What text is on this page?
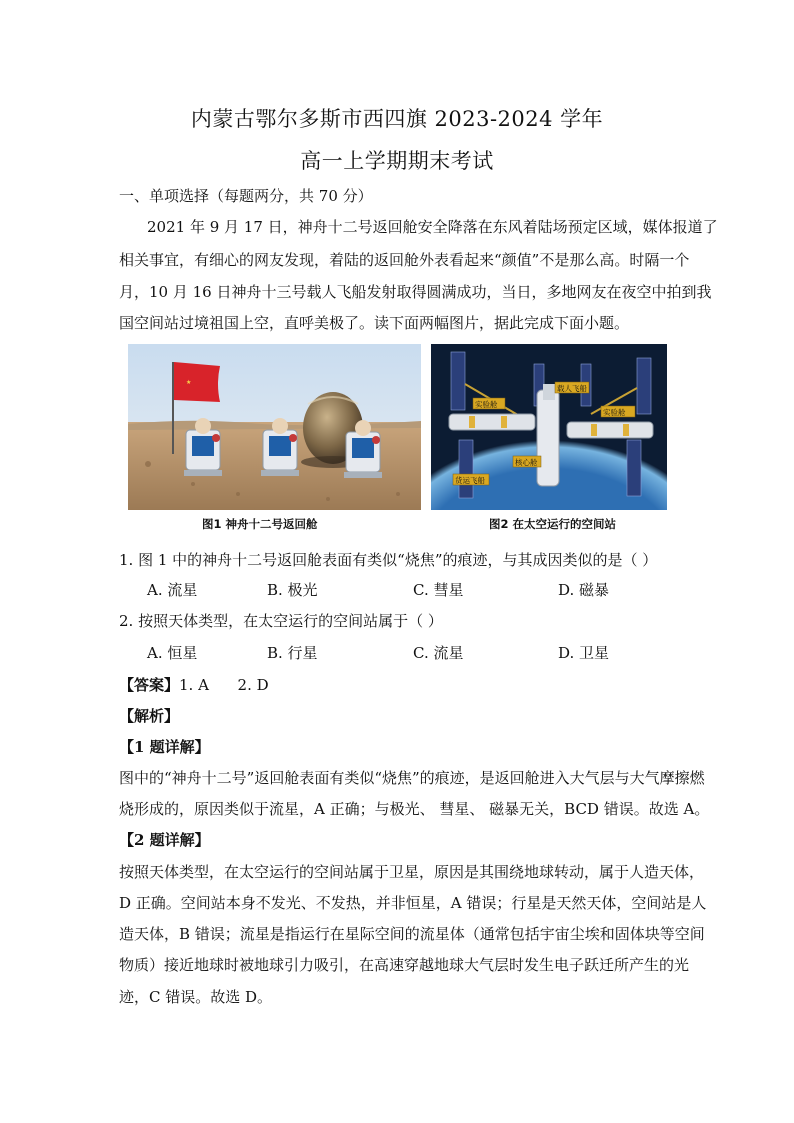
内蒙古鄂尔多斯市西四旗 2023-2024 学年
高一上学期期末考试
一、单项选择（每题两分，共 70 分）
2021 年 9 月 17 日，神舟十二号返回舱安全降落在东风着陆场预定区域，媒体报道了
相关事宜，有细心的网友发现，着陆的返回舱外表看起来“颜值”不是那么高。时隔一个
月，10 月 16 日神舟十三号载人飞船发射取得圆满成功，当日，多地网友在夜空中拍到我
国空间站过境祖国上空，直呼美极了。读下面两幅图片，据此完成下面小题。
★
实验舱
载人飞船
实验舱
核心舱
货运飞船
图1 神舟十二号返回舱	图2 在太空运行的空间站
1. 图 1 中的神舟十二号返回舱表面有类似“烧焦”的痕迹，与其成因类似的是（ ）
A. 流星	B. 极光	C. 彗星	D. 磁暴
2. 按照天体类型，在太空运行的空间站属于（ ）
A. 恒星	B. 行星	C. 流星	D. 卫星
【答案】1. A      2. D
【解析】
【1 题详解】
图中的“神舟十二号”返回舱表面有类似“烧焦”的痕迹，是返回舱进入大气层与大气摩擦燃
烧形成的，原因类似于流星，A 正确；与极光、 彗星、 磁暴无关，BCD 错误。故选 A。
【2 题详解】
按照天体类型，在太空运行的空间站属于卫星，原因是其围绕地球转动，属于人造天体，
D 正确。空间站本身不发光、不发热，并非恒星，A 错误；行星是天然天体，空间站是人
造天体，B 错误；流星是指运行在星际空间的流星体（通常包括宇宙尘埃和固体块等空间
物质）接近地球时被地球引力吸引，在高速穿越地球大气层时发生电子跃迁所产生的光
迹，C 错误。故选 D。
